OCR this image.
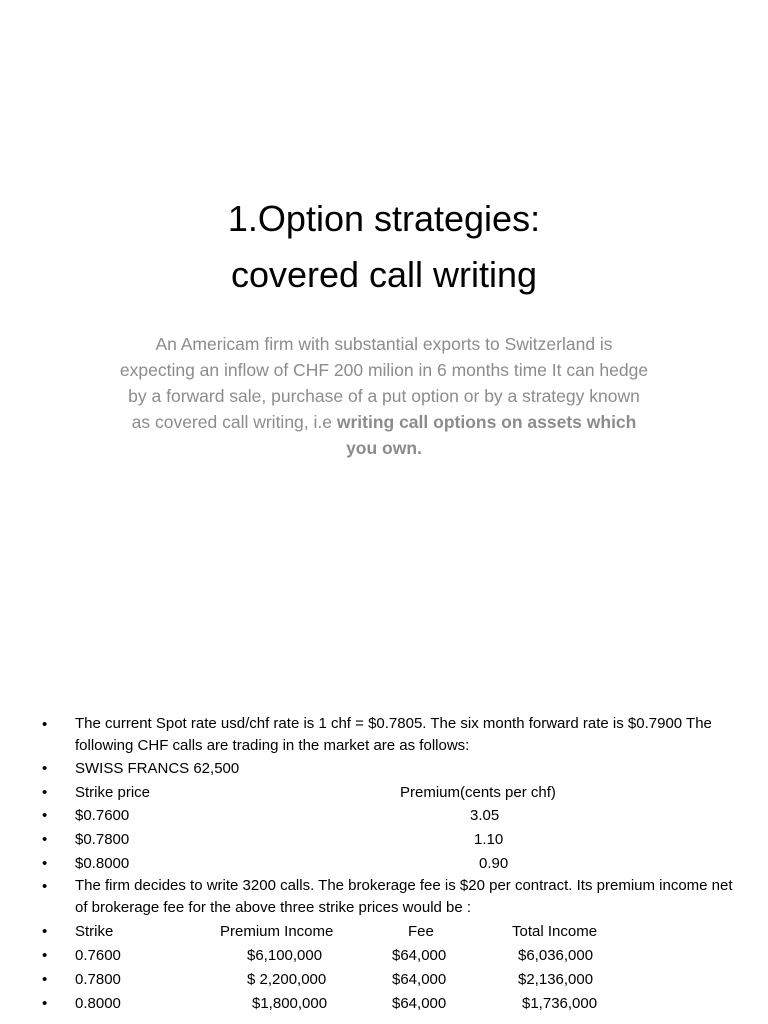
1.Option strategies:
covered call writing
An Americam firm with substantial exports to Switzerland is expecting an inflow of CHF 200 milion in 6 months time It can hedge by a forward sale, purchase of a put option or by a strategy known as covered call writing, i.e writing call options on assets which you own.
•	The current Spot rate usd/chf rate is 1 chf = $0.7805. The six month forward rate is $0.7900 The following CHF calls are trading in the market are as follows:
•	SWISS FRANCS 62,500
•	Strike price	Premium(cents per chf)
•	$0.7600	3.05
•	$0.7800	1.10
•	$0.8000	0.90
•	The firm decides to write 3200 calls. The brokerage fee is $20 per contract. Its premium income net of brokerage fee for the above three strike prices would be :
•	Strike	Premium Income	Fee	Total Income
•	0.7600	$6,100,000	$64,000	$6,036,000
•	0.7800	$ 2,200,000	$64,000	$2,136,000
•	0.8000	$1,800,000	$64,000	$1,736,000
